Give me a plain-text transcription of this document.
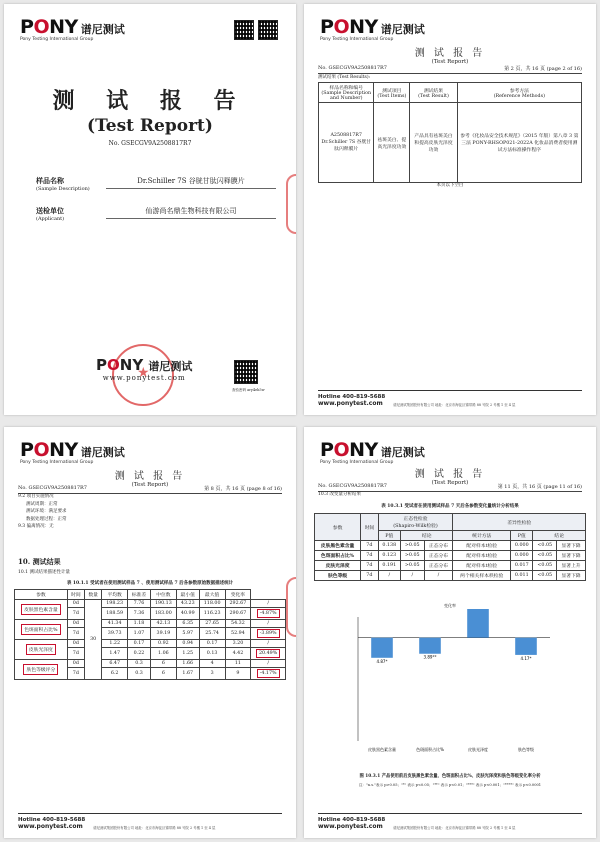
PONY 谱尼测试
Pony Testing International Group
测 试 报 告
(Test Report)
No. GSECGV9A2508817R7
样品名称
(Sample Description)
Dr.Schiller 7S 谷胱甘肽闪释膜片
送检单位
(Applicant)
仙游尚名鼎生物科技有限公司
★
PONY 谱尼测试
www.ponytest.com
查验密码 ary4eh5w
PONY 谱尼测试
Pony Testing International Group
测 试 报 告
(Test Report)
No. GSECGV9A2508817R7	第 2 页，共 16 页 (page 2 of 16)
测试结果 (Test Results):
样品名称和编号
(Sample Description and Number)	测试项目
(Test Items)	测试结果
(Test Result)	参考方法
(Reference Methods)
A2508817R7
Dr.Schiller 7S 谷胱甘肽闪释膜片	祛斑美白、提高光泽度功效	产品具有祛斑美白和提高皮肤光泽度功效	参考《化妆品安全技术规范》（2015 年版）第八章 3 第三法 PONY-RHSOP021-2022A 化妆品消费者使用测试方法标准操作程序
本页以下空白
Hotline 400-819-5688
www.ponytest.com	谱尼测试集团股份有限公司 地址：北京市海淀区锦带路 88 号院 2 号楼 1 至 4 层
PONY 谱尼测试
Pony Testing International Group
测 试 报 告
(Test Report)
No. GSECGV9A2508817R7	第 8 页，共 16 页 (page 8 of 16)
9.2 项目实施情况
测试周期：正常
测试环境：满足要求
数据处理过程：正常
9.3 偏离情况：无
10. 测试结果
10.1 测试结果描述性计量
表 10.1.1 受试者在使用测试样品 7 、使用测试样品 7 后各参数原始数据描述统计
参数	时间	数量	平均数	标准差	中位数	最小值	最大值	变化率	
皮肤黑色素含量	0d	30	198.23	7.76	190.13	43.23	118.00	292.67	/
	7d		188.59	7.36	183.00	40.99	116.23	290.67	-4.87%
色斑面积占比%	0d		41.34	1.18	42.13	6.35	27.65	54.32	/
	7d		39.73	1.07	39.19	5.97	25.74	52.94	-3.89%
皮肤光泽度	0d		1.22	0.17	0.92	0.94	0.17	3.20	/
	7d		1.47	0.22	1.06	1.25	0.13	4.42	20.49%
肤色等级评分	0d		6.47	0.3	6	1.66	4	11	/
	7d		6.2	0.3	6	1.67	3	9	-4.17%
Hotline 400-819-5688
www.ponytest.com	谱尼测试集团股份有限公司 地址：北京市海淀区锦带路 88 号院 2 号楼 1 至 4 层
PONY 谱尼测试
Pony Testing International Group
测 试 报 告
(Test Report)
No. GSECGV9A2508817R7	第 11 页，共 16 页 (page 11 of 16)
10.3 改变量分析结果
表 10.3.1 受试者在使用测试样品 7 天后各参数变化量统计分析结果
参数	时间	正态性检验
(Shapiro-Wilk检验)			差异性检验			
		P值	结论		统计方法	P值	结论	
皮肤黑色素含量	7d	0.138	>0.05	正态分布	配对样本t检验	0.000	<0.05	显著下降
色斑面积占比%	7d	0.123	>0.05	正态分布	配对样本t检验	0.000	<0.05	显著下降
皮肤光泽度	7d	0.191	>0.05	正态分布	配对样本t检验	0.017	<0.05	显著上升
肤色等级	7d	/	/	/	两个相关样本秩检验	0.011	<0.05	显著下降
变化率
4.87*
皮肤黑色素含量
3.89**
色斑面积占比%	皮肤光泽度
4.17*
肤色等级
图 10.3.1 产品使用前后皮肤黑色素含量、色斑面积占比%、皮肤光泽度和肤色等级变化率分析
注："n.s."表示 p>0.05；"*" 表示 p<0.05；"**" 表示 p<0.01；"***" 表示 p<0.001；"****" 表示 p<0.0001
Hotline 400-819-5688
www.ponytest.com	谱尼测试集团股份有限公司 地址：北京市海淀区锦带路 88 号院 2 号楼 1 至 4 层
